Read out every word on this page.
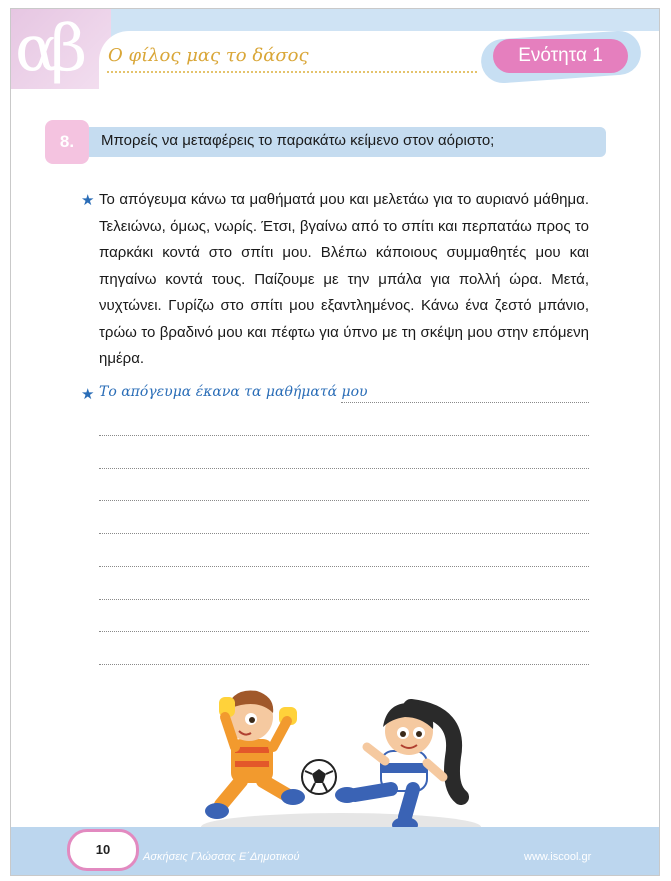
αβ Ο φίλος μας το δάσος	Ενότητα 1
8.	Μπορείς να μεταφέρεις το παρακάτω κείμενο στον αόριστο;
★ Το απόγευμα κάνω τα μαθήματά μου και μελετάω για το αυριανό μάθημα. Τελειώνω, όμως, νωρίς. Έτσι, βγαίνω από το σπίτι και περπατάω προς το παρκάκι κοντά στο σπίτι μου. Βλέπω κάποιους συμμαθητές μου και πηγαίνω κοντά τους. Παίζουμε με την μπάλα για πολλή ώρα. Μετά, νυχτώνει. Γυρίζω στο σπίτι μου εξαντλημένος. Κάνω ένα ζεστό μπάνιο, τρώω το βραδινό μου και πέφτω για ύπνο με τη σκέψη μου στην επόμενη ημέρα.
★ Το απόγευμα έκανα τα μαθήματά μου
10	Ασκήσεις Γλώσσας Ε΄Δημοτικού	www.iscool.gr
